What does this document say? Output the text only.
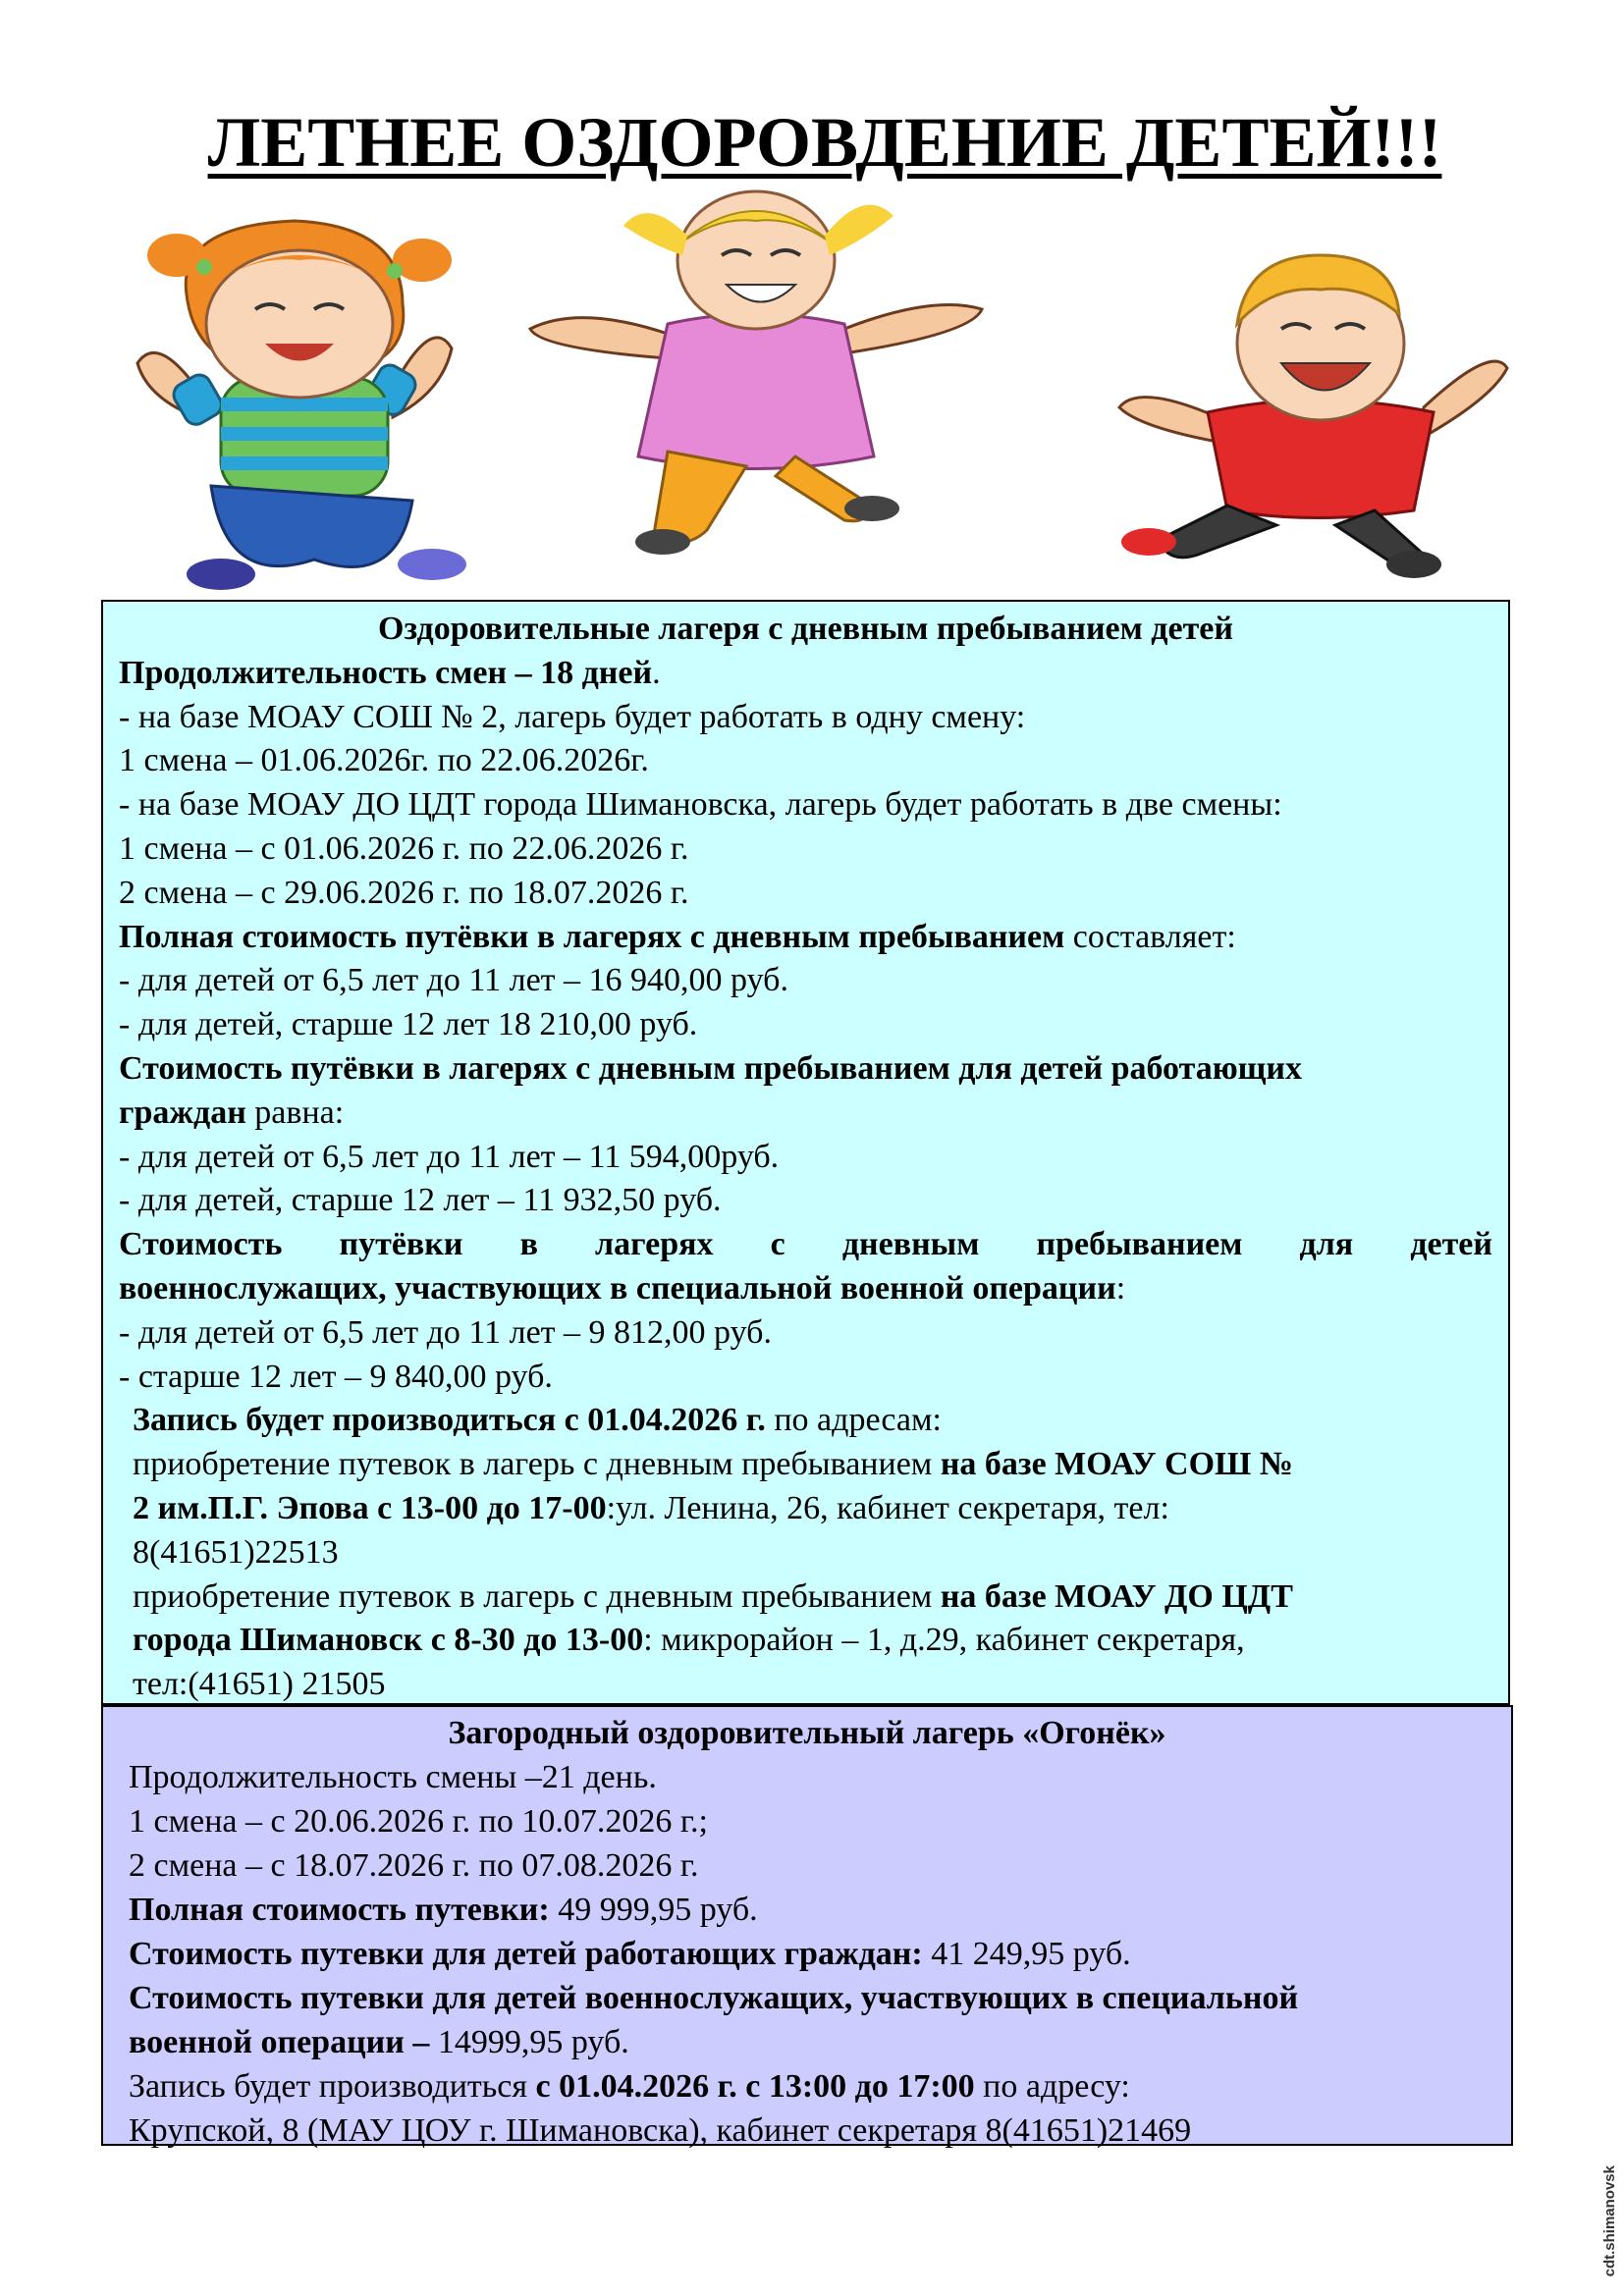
ЛЕТНЕЕ ОЗДОРОВДЕНИЕ ДЕТЕЙ!!!
Оздоровительные лагеря с дневным пребыванием детей
Продолжительность смен – 18 дней.
- на базе МОАУ СОШ № 2, лагерь будет работать в одну смену:
1 смена – 01.06.2026г. по 22.06.2026г.
- на базе МОАУ ДО ЦДТ города Шимановска, лагерь будет работать в две смены:
1 смена – с 01.06.2026 г. по 22.06.2026 г.
2 смена – с 29.06.2026 г. по 18.07.2026 г.
Полная стоимость путёвки в лагерях с дневным пребыванием составляет:
- для детей от 6,5 лет до 11 лет – 16 940,00 руб.
- для детей, старше 12 лет 18 210,00 руб.
Стоимость путёвки в лагерях с дневным пребыванием для детей работающих
граждан равна:
- для детей от 6,5 лет до 11 лет – 11 594,00руб.
- для детей, старше 12 лет – 11 932,50 руб.
Стоимость путёвки в лагерях с дневным пребыванием для детей
военнослужащих, участвующих в специальной военной операции:
- для детей от 6,5 лет до 11 лет – 9 812,00 руб.
- старше 12 лет – 9 840,00 руб.
Запись будет производиться с 01.04.2026 г. по адресам:
приобретение путевок в лагерь с дневным пребыванием на базе МОАУ СОШ №
2 им.П.Г. Эпова с 13-00 до 17-00:ул. Ленина, 26, кабинет секретаря, тел:
8(41651)22513
приобретение путевок в лагерь с дневным пребыванием на базе МОАУ ДО ЦДТ
города Шимановск с 8-30 до 13-00: микрорайон – 1, д.29, кабинет секретаря,
тел:(41651) 21505
Загородный оздоровительный лагерь «Огонёк»
Продолжительность смены –21 день.
1 смена – с 20.06.2026 г. по 10.07.2026 г.;
2 смена – с 18.07.2026 г. по 07.08.2026 г.
Полная стоимость путевки: 49 999,95 руб.
Стоимость путевки для детей работающих граждан: 41 249,95 руб.
Стоимость путевки для детей военнослужащих, участвующих в специальной
военной операции – 14999,95 руб.
Запись будет производиться с 01.04.2026 г. с 13:00 до 17:00 по адресу:
Крупской, 8 (МАУ ЦОУ г. Шимановска), кабинет секретаря 8(41651)21469
cdt.shimanovsk
